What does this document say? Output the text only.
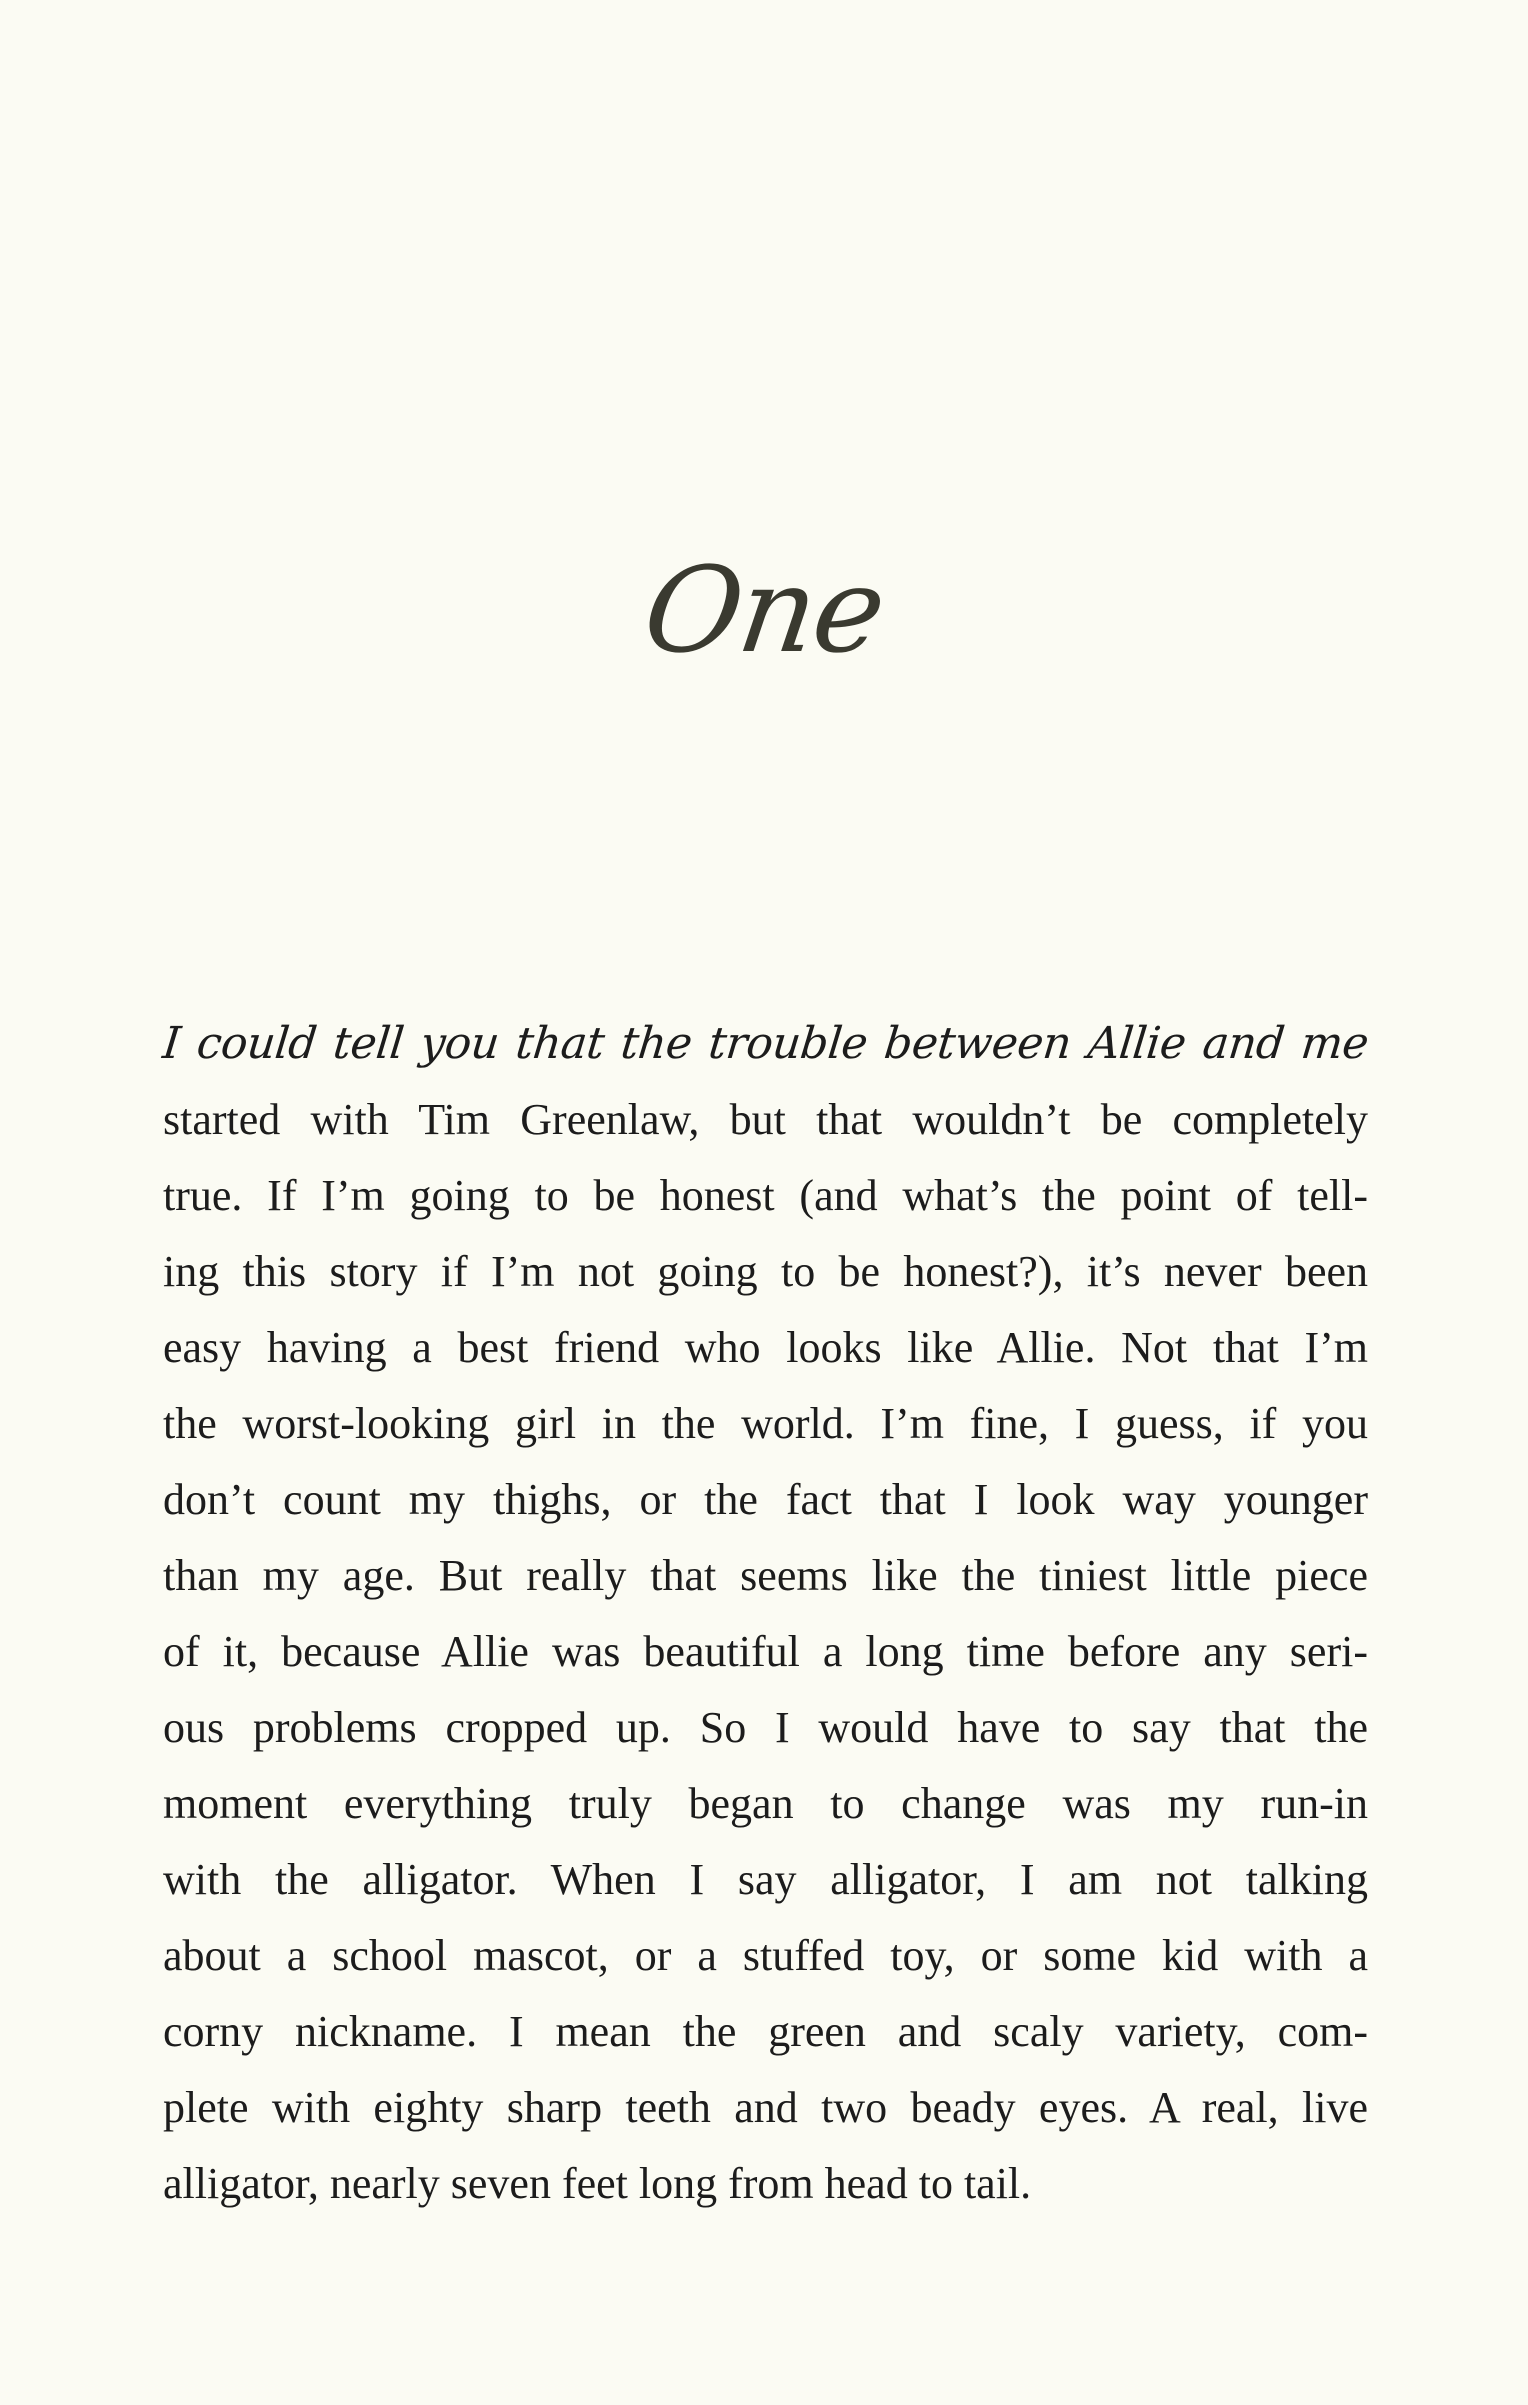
One
I could tell you that the trouble between Allie and me
started with Tim Greenlaw, but that wouldn’t be completely
true. If I’m going to be honest (and what’s the point of tell-
ing this story if I’m not going to be honest?), it’s never been
easy having a best friend who looks like Allie. Not that I’m
the worst-looking girl in the world. I’m fine, I guess, if you
don’t count my thighs, or the fact that I look way younger
than my age. But really that seems like the tiniest little piece
of it, because Allie was beautiful a long time before any seri-
ous problems cropped up. So I would have to say that the
moment everything truly began to change was my run-in
with the alligator. When I say alligator, I am not talking
about a school mascot, or a stuffed toy, or some kid with a
corny nickname. I mean the green and scaly variety, com-
plete with eighty sharp teeth and two beady eyes. A real, live
alligator, nearly seven feet long from head to tail.
